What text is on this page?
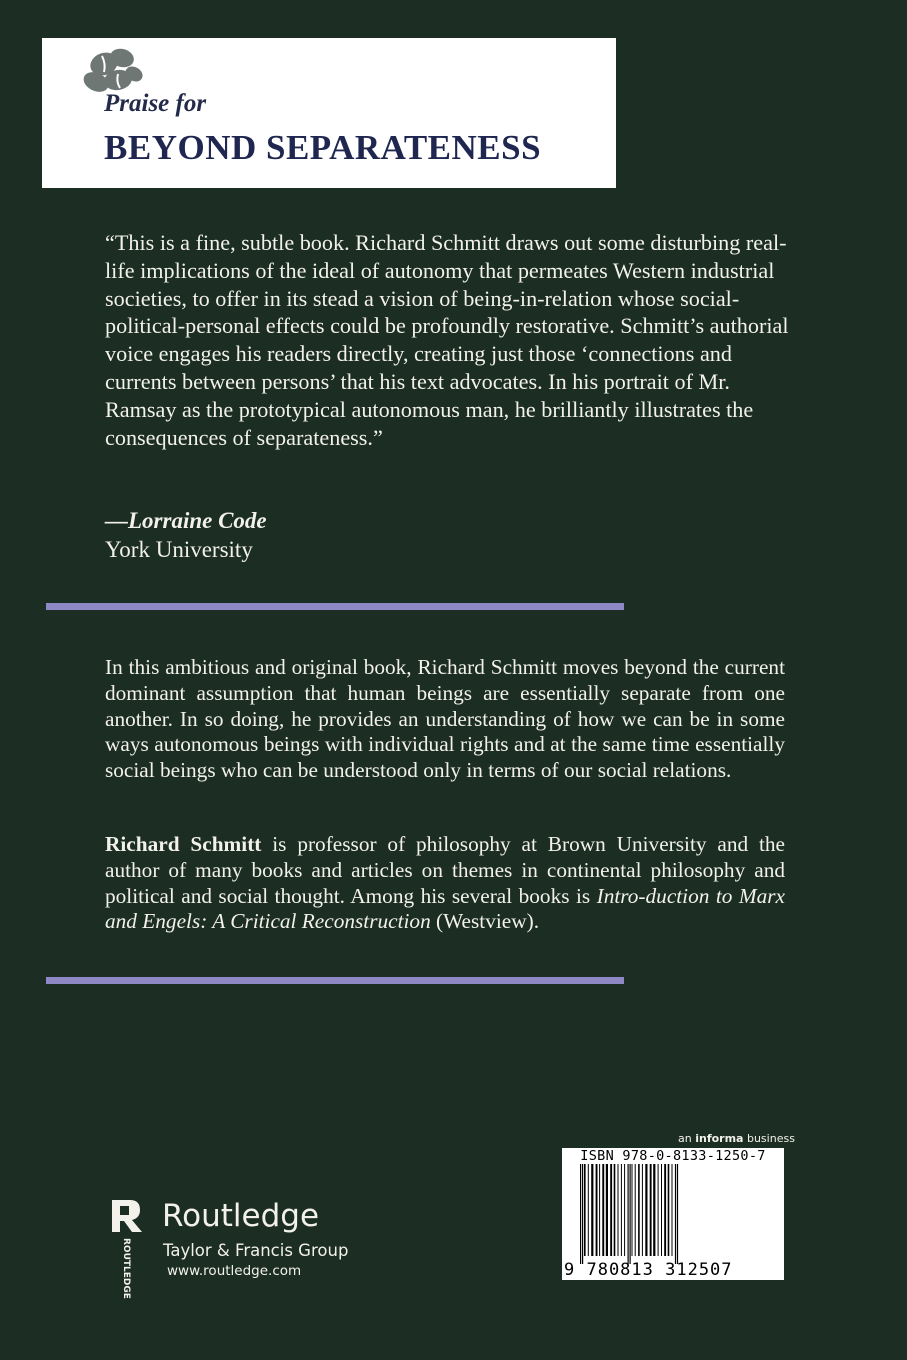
Praise for
BEYOND SEPARATENESS

“This is a fine, subtle book. Richard Schmitt draws out some disturbing real-life implications of the ideal of autonomy that permeates Western industrial societies, to offer in its stead a vision of being-in-relation whose social-political-personal effects could be profoundly restorative. Schmitt’s authorial voice engages his readers directly, creating just those ‘connections and currents between persons’ that his text advocates. In his portrait of Mr. Ramsay as the prototypical autonomous man, he brilliantly illustrates the consequences of separateness.”

—Lorraine Code
York University

In this ambitious and original book, Richard Schmitt moves beyond the current dominant assumption that human beings are essentially separate from one another. In so doing, he provides an understanding of how we can be in some ways autonomous beings with individual rights and at the same time essentially social beings who can be understood only in terms of our social relations.

Richard Schmitt is professor of philosophy at Brown University and the author of many books and articles on themes in continental philosophy and political and social thought. Among his several books is Intro-duction to Marx and Engels: A Critical Reconstruction (Westview).

ROUTLEDGE
Routledge
Taylor & Francis Group
www.routledge.com
an informa business
ISBN 978-0-8133-1250-7
9 780813 312507
